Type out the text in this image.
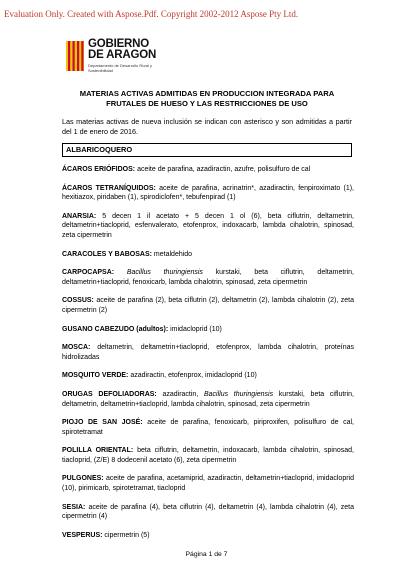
Evaluation Only. Created with Aspose.Pdf. Copyright 2002-2012 Aspose Pty Ltd.
GOBIERNO
DE ARAGON
Departamento de Desarrollo Rural y Sostenibilidad
MATERIAS ACTIVAS ADMITIDAS EN PRODUCCION INTEGRADA PARA
FRUTALES DE HUESO Y LAS RESTRICCIONES DE USO
Las materias activas de nueva inclusión se indican con asterisco y son admitidas a partir del 1 de enero de 2016.
ALBARICOQUERO
ÁCAROS ERIÓFIDOS: aceite de parafina, azadiractin, azufre, polisulfuro de cal
ÁCAROS TETRANÍQUIDOS: aceite de parafina, acrinatrin*, azadiractin, fenpiroximato (1), hexitiazox, piridaben (1), spirodiclofen*, tebufenpirad (1)
ANARSIA: 5 decen 1 il acetato + 5 decen 1 ol (6), beta ciflutrin, deltametrin, deltametrin+tiacloprid, esfenvalerato, etofenprox, indoxacarb, lambda cihalotrin, spinosad, zeta cipermetrin
CARACOLES Y BABOSAS: metaldehido
CARPOCAPSA: Bacillus thuringiensis kurstaki, beta ciflutrin, deltametrin, deltametrin+tiacloprid, fenoxicarb, lambda cihalotrin, spinosad, zeta cipermetrin
COSSUS: aceite de parafina (2), beta ciflutrin (2), deltametrin (2), lambda cihalotrin (2), zeta cipermetrin (2)
GUSANO CABEZUDO (adultos): imidacloprid (10)
MOSCA: deltametrin, deltametrin+tiacloprid, etofenprox, lambda cihalotrin, proteínas hidrolizadas
MOSQUITO VERDE: azadiractin, etofenprox, imidacloprid (10)
ORUGAS DEFOLIADORAS: azadiractin, Bacillus thuringiensis kurstaki, beta ciflutrin, deltametrin, deltametrin+tiacloprid, lambda cihalotrin, spinosad, zeta cipermetrin
PIOJO DE SAN JOSÉ: aceite de parafina, fenoxicarb, piriproxifen, polisulfuro de cal, spirotetramat
POLILLA ORIENTAL: beta ciflutrin, deltametrin, indoxacarb, lambda cihalotrin, spinosad, tiacloprid, (Z/E) 8 dodecenil acetato (6), zeta cipermetrin
PULGONES: aceite de parafina, acetamiprid, azadiractin, deltametrin+tiacloprid, imidacloprid (10), pirimicarb, spirotetramat, tiacloprid
SESIA: aceite de parafina (4), beta ciflutrin (4), deltametrin (4), lambda cihalotrin (4), zeta cipermetrin (4)
VESPERUS: cipermetrin (5)
Página 1 de 7
